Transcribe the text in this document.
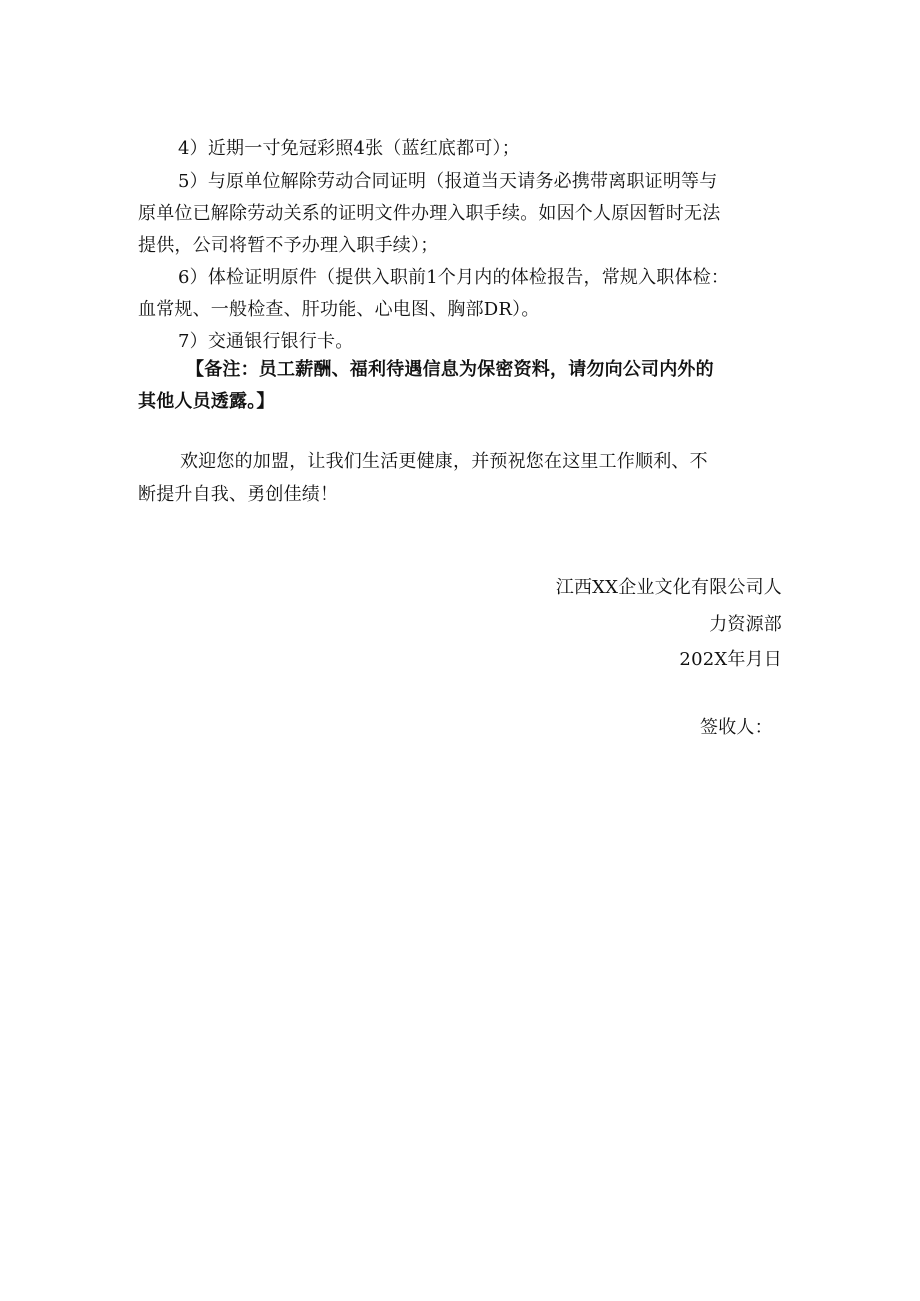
4）近期一寸免冠彩照4张（蓝红底都可）；
5）与原单位解除劳动合同证明（报道当天请务必携带离职证明等与
原单位已解除劳动关系的证明文件办理入职手续。如因个人原因暂时无法
提供，公司将暂不予办理入职手续）；
6）体检证明原件（提供入职前1个月内的体检报告，常规入职体检：
血常规、一般检查、肝功能、心电图、胸部DR）。
7）交通银行银行卡。
【备注：员工薪酬、福利待遇信息为保密资料，请勿向公司内外的
其他人员透露。】
欢迎您的加盟，让我们生活更健康，并预祝您在这里工作顺利、不
断提升自我、勇创佳绩！
江西XX企业文化有限公司人
力资源部
202X年月日
签收人：
